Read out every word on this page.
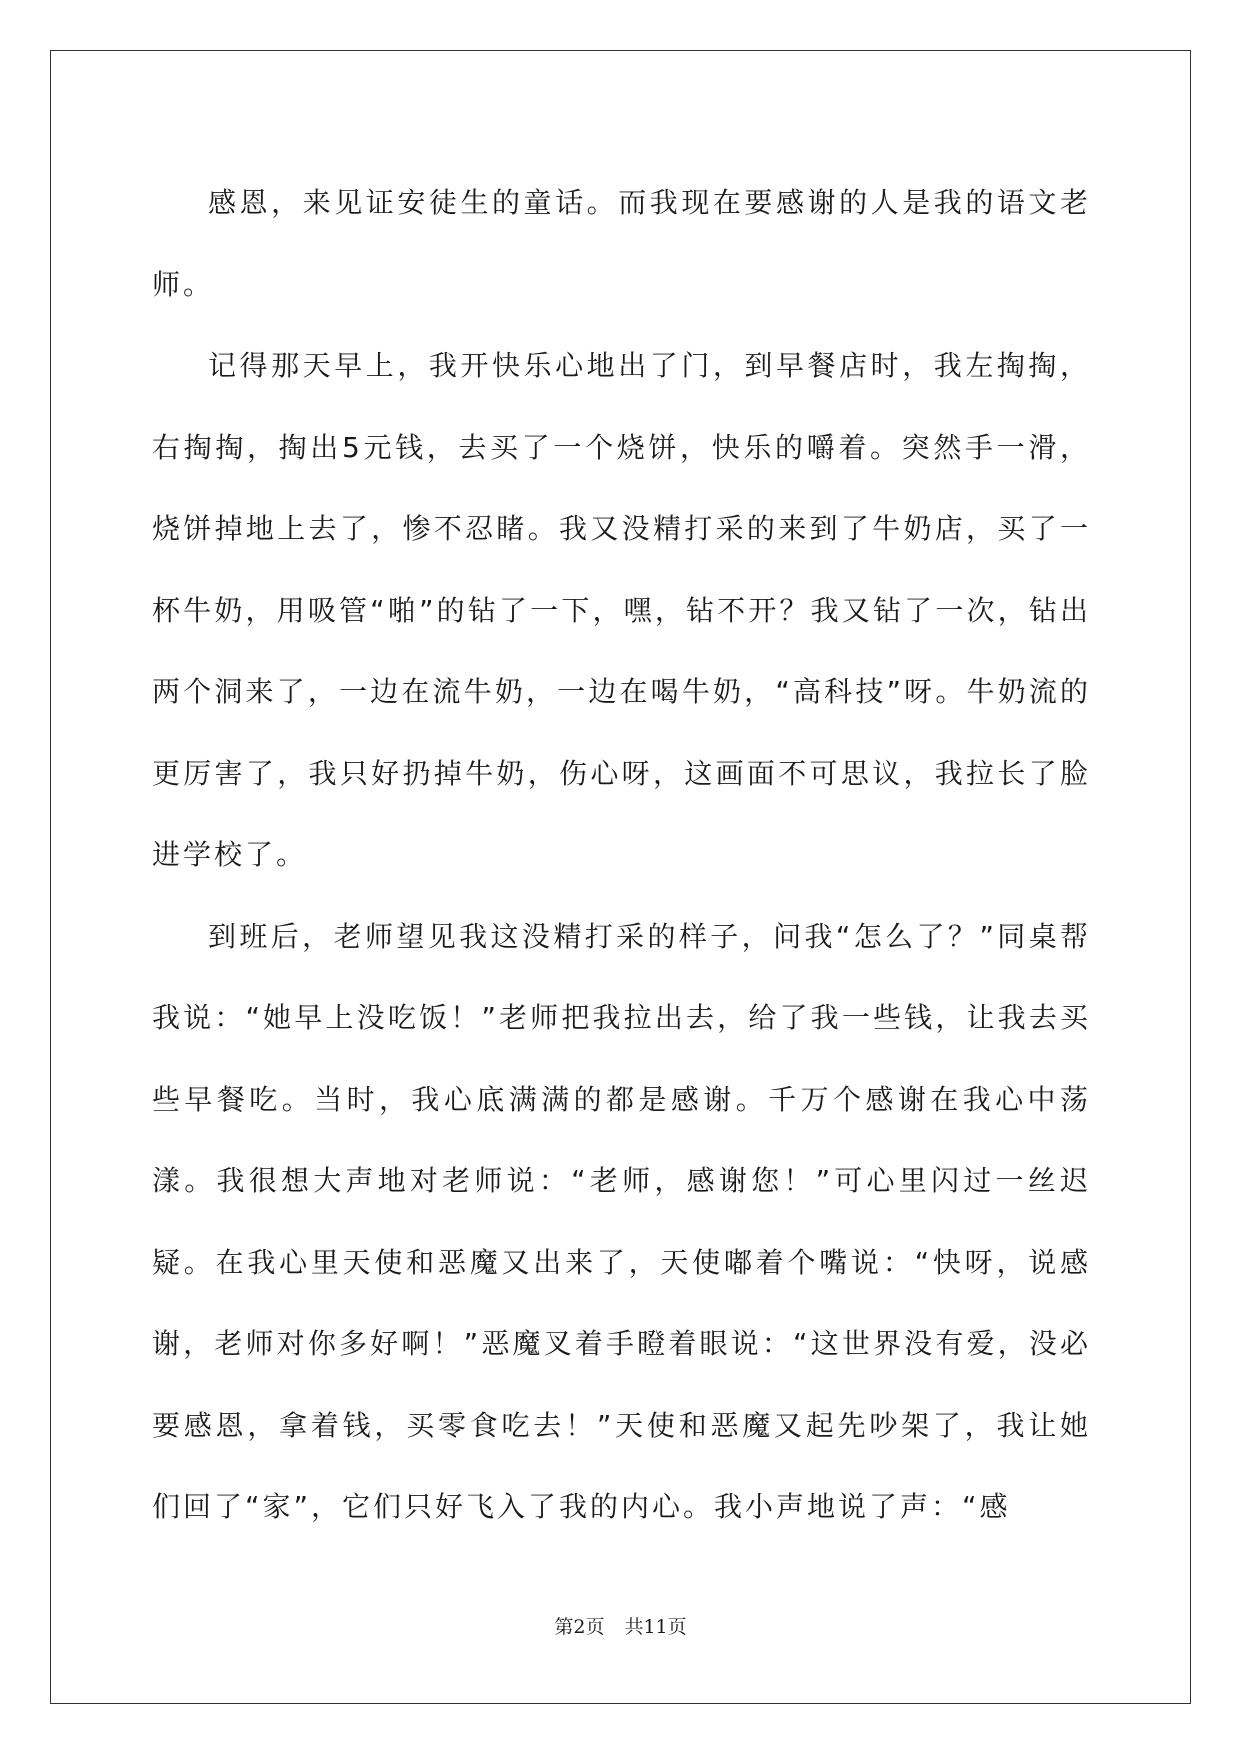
感恩，来见证安徒生的童话。而我现在要感谢的人是我的语文老师。

记得那天早上，我开快乐心地出了门，到早餐店时，我左掏掏，右掏掏，掏出5元钱，去买了一个烧饼，快乐的嚼着。突然手一滑，烧饼掉地上去了，惨不忍睹。我又没精打采的来到了牛奶店，买了一杯牛奶，用吸管“啪”的钻了一下，嘿，钻不开？我又钻了一次，钻出两个洞来了，一边在流牛奶，一边在喝牛奶，“高科技”呀。牛奶流的更厉害了，我只好扔掉牛奶，伤心呀，这画面不可思议，我拉长了脸进学校了。

到班后，老师望见我这没精打采的样子，问我“怎么了？”同桌帮我说：“她早上没吃饭！”老师把我拉出去，给了我一些钱，让我去买些早餐吃。当时，我心底满满的都是感谢。千万个感谢在我心中荡漾。我很想大声地对老师说：“老师，感谢您！”可心里闪过一丝迟疑。在我心里天使和恶魔又出来了，天使嘟着个嘴说：“快呀，说感谢，老师对你多好啊！”恶魔叉着手瞪着眼说：“这世界没有爱，没必要感恩，拿着钱，买零食吃去！”天使和恶魔又起先吵架了，我让她们回了“家”，它们只好飞入了我的内心。我小声地说了声：“感

第2页 共11页
